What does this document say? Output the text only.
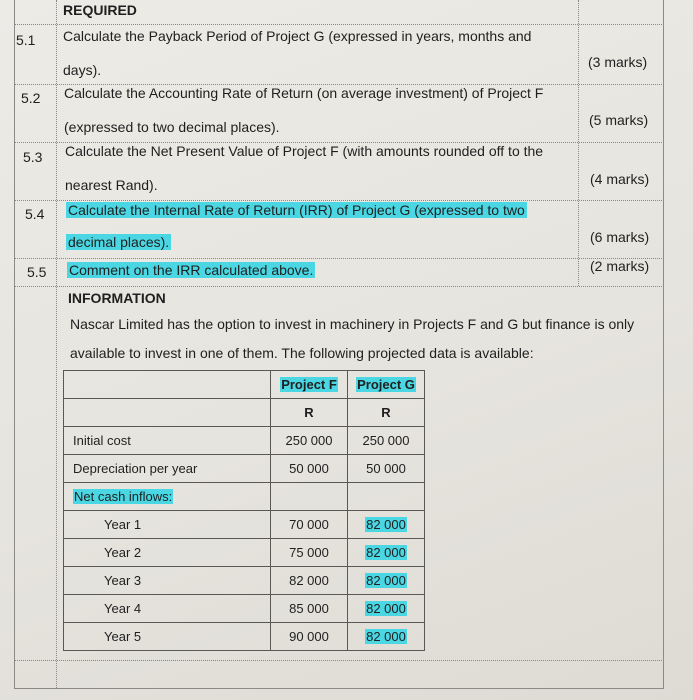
REQUIRED
5.1 Calculate the Payback Period of Project G (expressed in years, months and
days).	(3 marks)
5.2 Calculate the Accounting Rate of Return (on average investment) of Project F
(expressed to two decimal places).	(5 marks)
5.3 Calculate the Net Present Value of Project F (with amounts rounded off to the
nearest Rand).	(4 marks)
5.4 Calculate the Internal Rate of Return (IRR) of Project G (expressed to two
decimal places).	(6 marks)
5.5 Comment on the IRR calculated above.	(2 marks)
INFORMATION
Nascar Limited has the option to invest in machinery in Projects F and G but finance is only
available to invest in one of them. The following projected data is available:
	Project F	Project G
	R	R
Initial cost	250 000	250 000
Depreciation per year	50 000	50 000
Net cash inflows:		
Year 1	70 000	82 000
Year 2	75 000	82 000
Year 3	82 000	82 000
Year 4	85 000	82 000
Year 5	90 000	82 000
